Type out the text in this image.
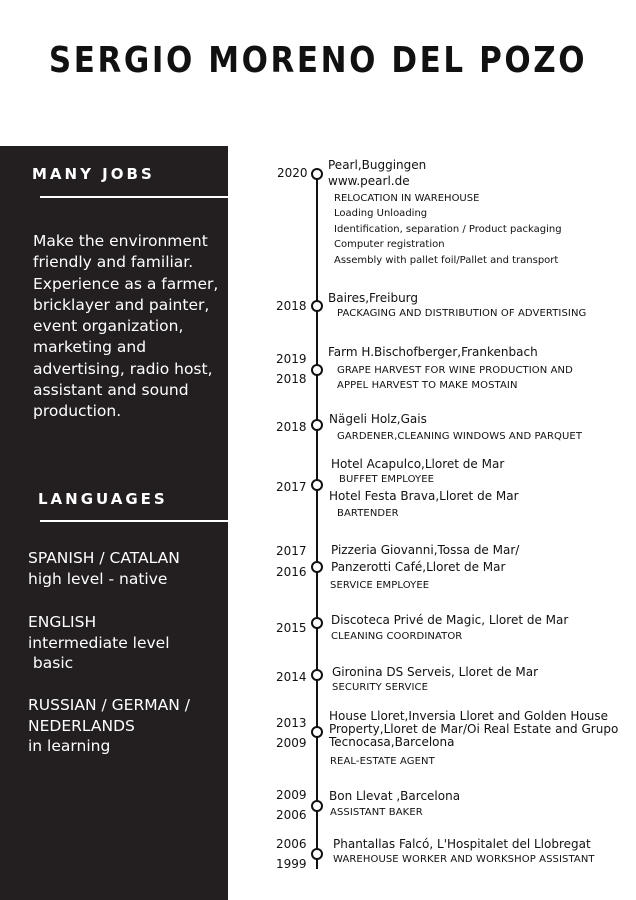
SERGIO MORENO DEL POZO
MANY JOBS
Make the environment friendly and familiar. Experience as a farmer, bricklayer and painter, event organization, marketing and advertising, radio host, assistant and sound production.
LANGUAGES
SPANISH / CATALAN
high level - native
ENGLISH
intermediate level
basic
RUSSIAN / GERMAN /
NEDERLANDS
in learning
2020
Pearl,Buggingen
www.pearl.de
RELOCATION IN WAREHOUSE
Loading Unloading
Identification, separation / Product packaging
Computer registration
Assembly with pallet foil/Pallet and transport
2018
Baires,Freiburg
PACKAGING AND DISTRIBUTION OF ADVERTISING
2019
2018
Farm H.Bischofberger,Frankenbach
GRAPE HARVEST FOR WINE PRODUCTION AND
APPEL HARVEST TO MAKE MOSTAIN
2018
Nägeli Holz,Gais
GARDENER,CLEANING WINDOWS AND PARQUET
2017
Hotel Acapulco,Lloret de Mar
BUFFET EMPLOYEE
Hotel Festa Brava,Lloret de Mar
BARTENDER
2017
2016
Pizzeria Giovanni,Tossa de Mar/
Panzerotti Café,Lloret de Mar
SERVICE EMPLOYEE
2015
Discoteca Privé de Magic, Lloret de Mar
CLEANING COORDINATOR
2014 Gironina DS Serveis, Lloret de Mar
SECURITY SERVICE
2013
2009
House Lloret,Inversia Lloret and Golden House Property,Lloret de Mar/Oi Real Estate and Grupo Tecnocasa,Barcelona
REAL-ESTATE AGENT
2009
2006
Bon Llevat ,Barcelona
ASSISTANT BAKER
2006
1999
Phantallas Falcó, L'Hospitalet del Llobregat
WAREHOUSE WORKER AND WORKSHOP ASSISTANT
